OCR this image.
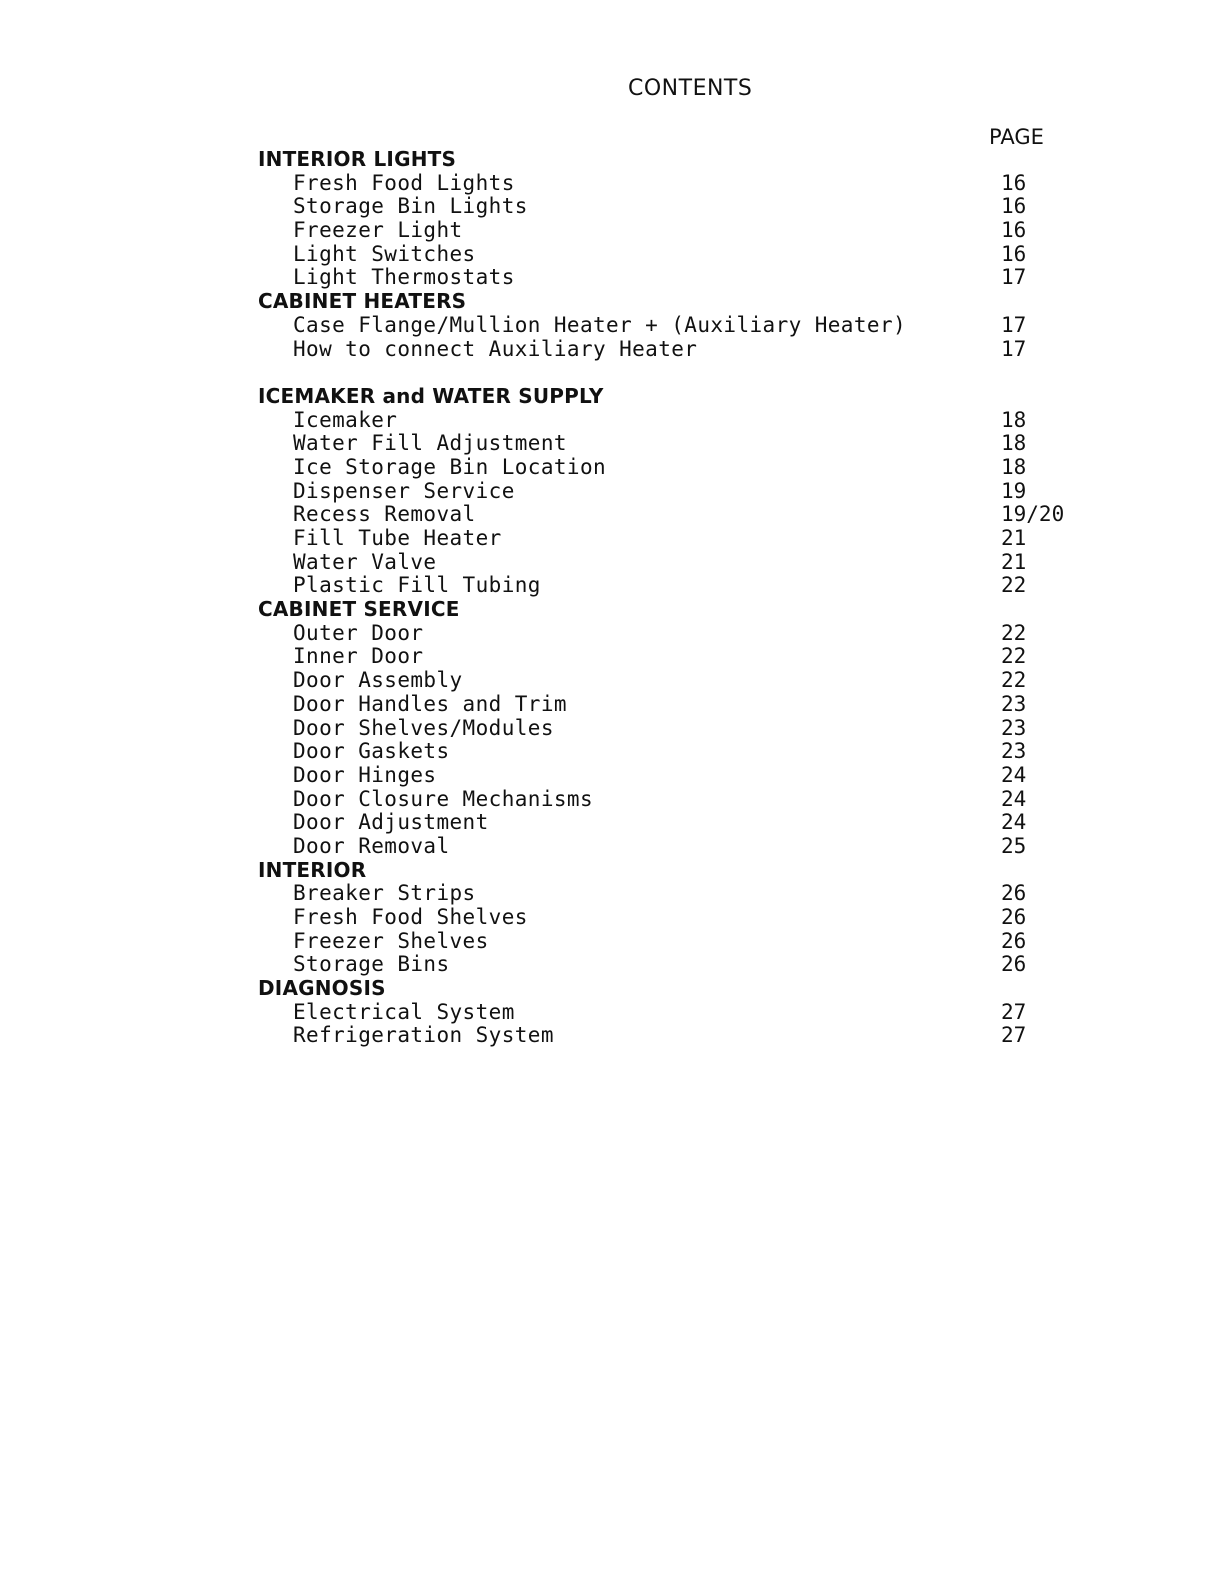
CONTENTS
PAGE
INTERIOR LIGHTS
Fresh Food Lights	16
Storage Bin Lights	16
Freezer Light	16
Light Switches	16
Light Thermostats	17
CABINET HEATERS
Case Flange/Mullion Heater + (Auxiliary Heater)	17
How to connect Auxiliary Heater	17
ICEMAKER and WATER SUPPLY
Icemaker	18
Water Fill Adjustment	18
Ice Storage Bin Location	18
Dispenser Service	19
Recess Removal	19/20
Fill Tube Heater	21
Water Valve	21
Plastic Fill Tubing	22
CABINET SERVICE
Outer Door	22
Inner Door	22
Door Assembly	22
Door Handles and Trim	23
Door Shelves/Modules	23
Door Gaskets	23
Door Hinges	24
Door Closure Mechanisms	24
Door Adjustment	24
Door Removal	25
INTERIOR
Breaker Strips	26
Fresh Food Shelves	26
Freezer Shelves	26
Storage Bins	26
DIAGNOSIS
Electrical System	27
Refrigeration System	27
